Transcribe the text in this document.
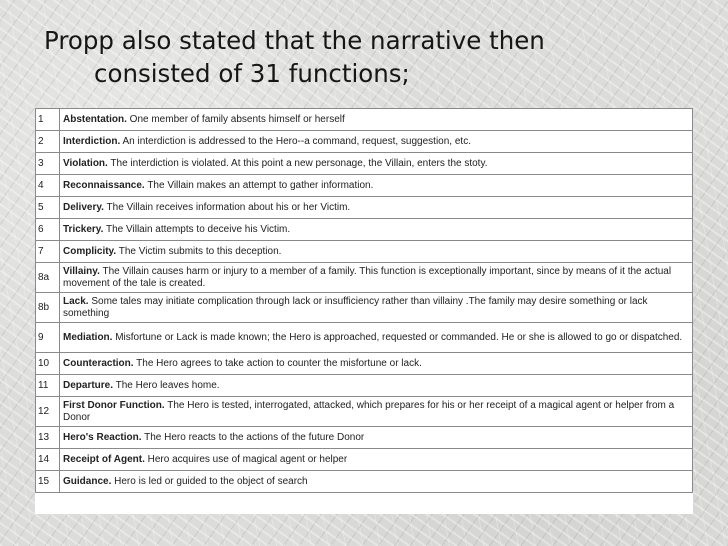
Propp also stated that the narrative then
consisted of 31 functions;
1	Abstentation. One member of family absents himself or herself
2	Interdiction. An interdiction is addressed to the Hero--a command, request, suggestion, etc.
3	Violation. The interdiction is violated. At this point a new personage, the Villain, enters the stoty.
4	Reconnaissance. The Villain makes an attempt to gather information.
5	Delivery. The Villain receives information about his or her Victim.
6	Trickery. The Villain attempts to deceive his Victim.
7	Complicity. The Victim submits to this deception.
8a	Villainy. The Villain causes harm or injury to a member of a family. This function is exceptionally important, since by means of it the actual movement of the tale is created.
8b	Lack. Some tales may initiate complication through lack or insufficiency rather than villainy .The family may desire something or lack something
9	Mediation. Misfortune or Lack is made known; the Hero is approached, requested or commanded. He or she is allowed to go or dispatched.
10	Counteraction. The Hero agrees to take action to counter the misfortune or lack.
11	Departure. The Hero leaves home.
12	First Donor Function. The Hero is tested, interrogated, attacked, which prepares for his or her receipt of a magical agent or helper from a Donor
13	Hero's Reaction. The Hero reacts to the actions of the future Donor
14	Receipt of Agent. Hero acquires use of magical agent or helper
15	Guidance. Hero is led or guided to the object of search
